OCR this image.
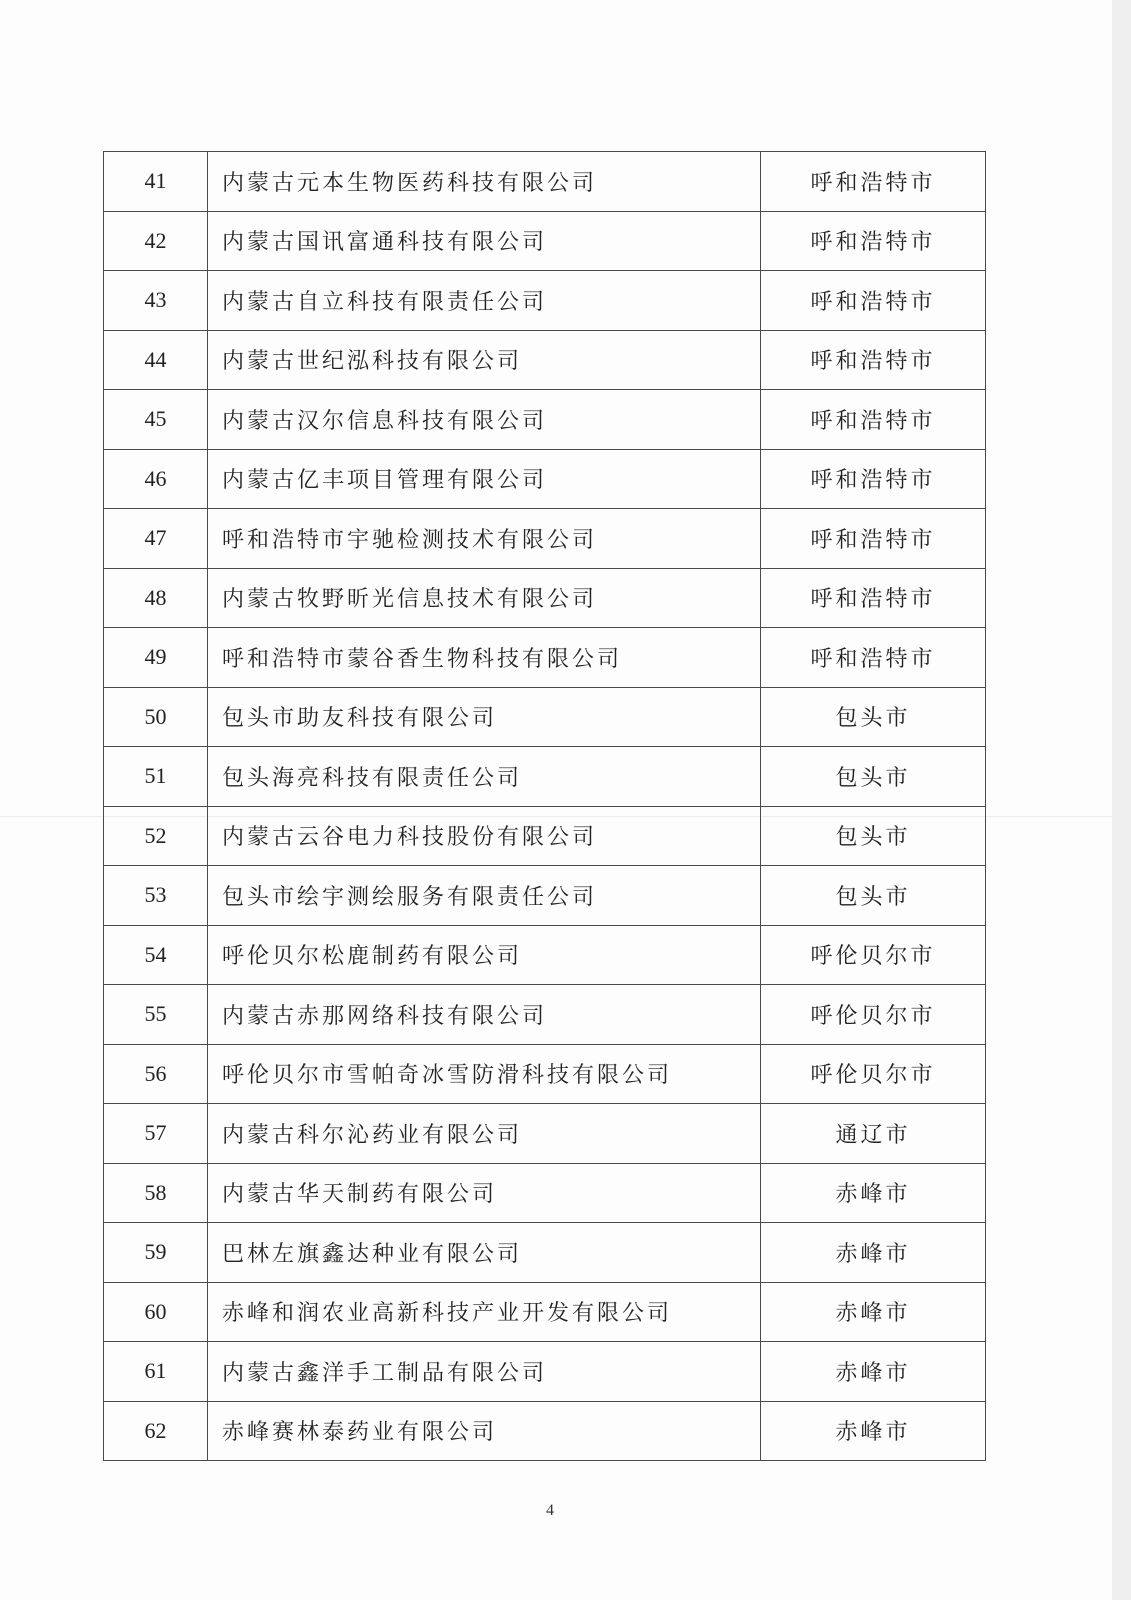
41	内蒙古元本生物医药科技有限公司	呼和浩特市
42	内蒙古国讯富通科技有限公司	呼和浩特市
43	内蒙古自立科技有限责任公司	呼和浩特市
44	内蒙古世纪泓科技有限公司	呼和浩特市
45	内蒙古汉尔信息科技有限公司	呼和浩特市
46	内蒙古亿丰项目管理有限公司	呼和浩特市
47	呼和浩特市宇驰检测技术有限公司	呼和浩特市
48	内蒙古牧野昕光信息技术有限公司	呼和浩特市
49	呼和浩特市蒙谷香生物科技有限公司	呼和浩特市
50	包头市助友科技有限公司	包头市
51	包头海亮科技有限责任公司	包头市
52	内蒙古云谷电力科技股份有限公司	包头市
53	包头市绘宇测绘服务有限责任公司	包头市
54	呼伦贝尔松鹿制药有限公司	呼伦贝尔市
55	内蒙古赤那网络科技有限公司	呼伦贝尔市
56	呼伦贝尔市雪帕奇冰雪防滑科技有限公司	呼伦贝尔市
57	内蒙古科尔沁药业有限公司	通辽市
58	内蒙古华天制药有限公司	赤峰市
59	巴林左旗鑫达种业有限公司	赤峰市
60	赤峰和润农业高新科技产业开发有限公司	赤峰市
61	内蒙古鑫洋手工制品有限公司	赤峰市
62	赤峰赛林泰药业有限公司	赤峰市
4
